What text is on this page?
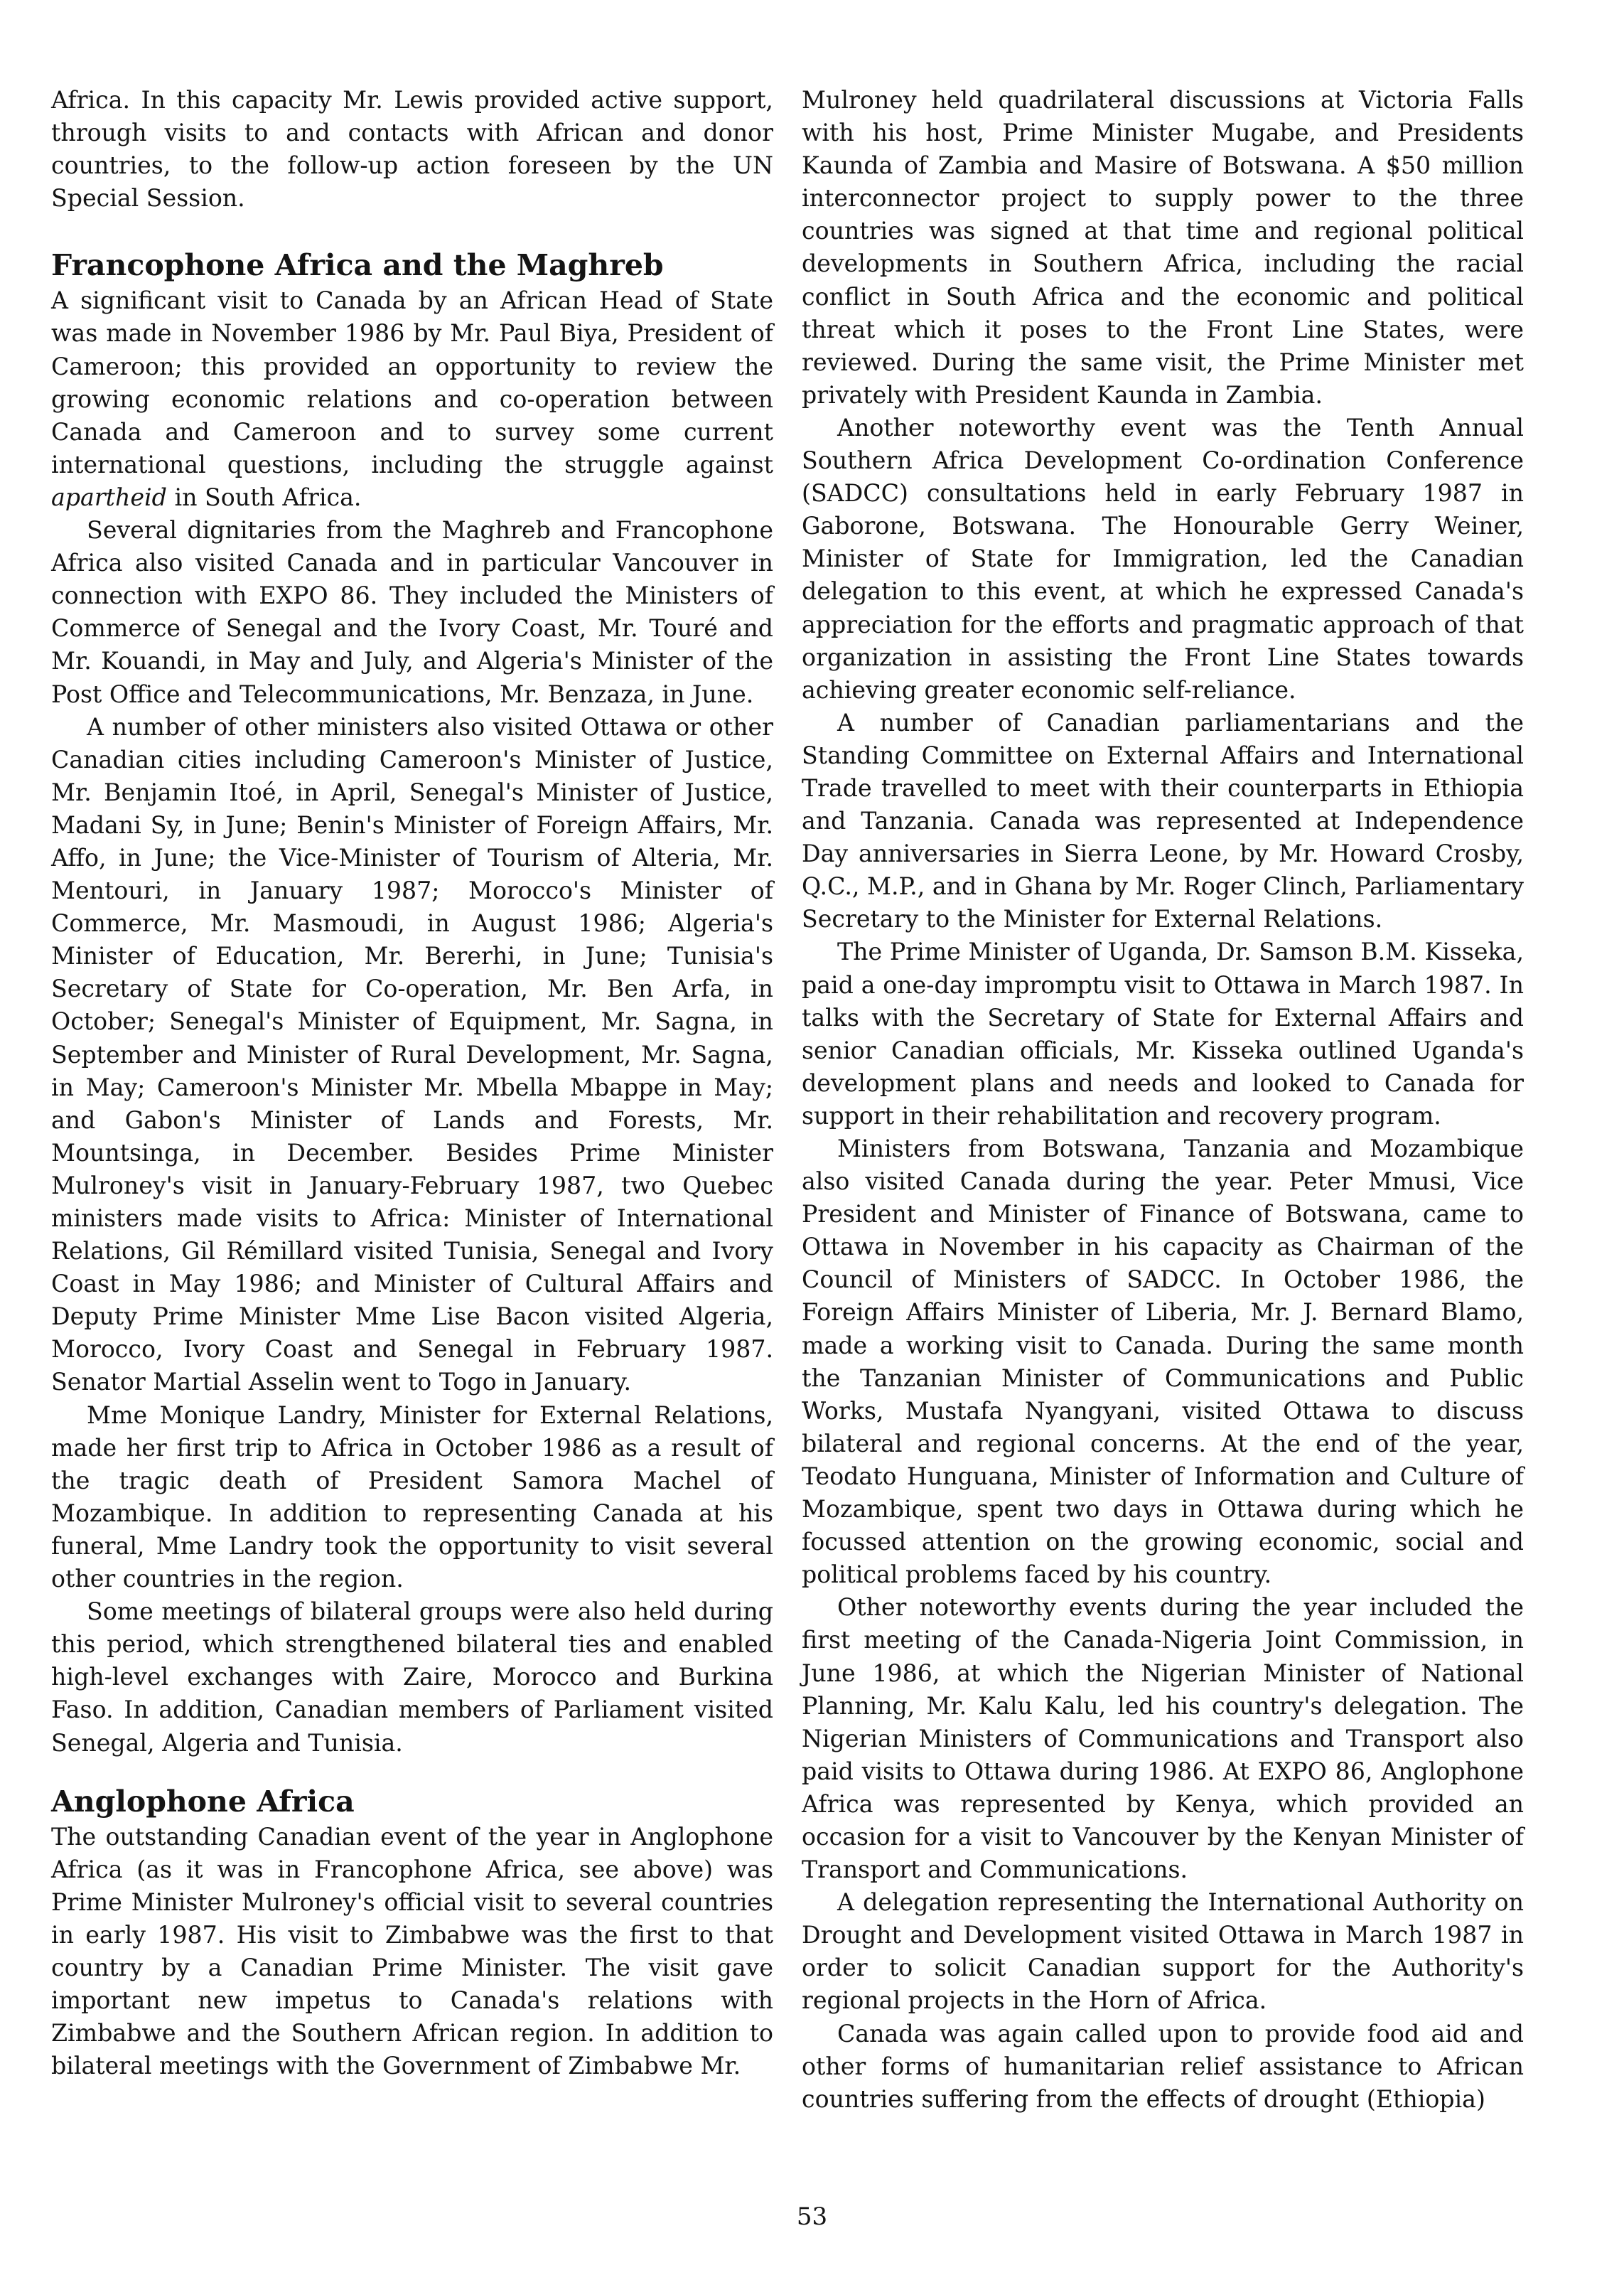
Africa. In this capacity Mr. Lewis provided active support, through visits to and contacts with African and donor countries, to the follow-up action foreseen by the UN Special Session.

Francophone Africa and the Maghreb

A significant visit to Canada by an African Head of State was made in November 1986 by Mr. Paul Biya, President of Cameroon; this provided an opportunity to review the growing economic relations and co-operation between Canada and Cameroon and to survey some current international questions, including the struggle against apartheid in South Africa.

Several dignitaries from the Maghreb and Francophone Africa also visited Canada and in particular Vancouver in connection with EXPO 86. They included the Ministers of Commerce of Senegal and the Ivory Coast, Mr. Touré and Mr. Kouandi, in May and July, and Algeria's Minister of the Post Office and Telecommunications, Mr. Benzaza, in June.

A number of other ministers also visited Ottawa or other Canadian cities including Cameroon's Minister of Justice, Mr. Benjamin Itoé, in April, Senegal's Minister of Justice, Madani Sy, in June; Benin's Minister of Foreign Affairs, Mr. Affo, in June; the Vice-Minister of Tourism of Alteria, Mr. Mentouri, in January 1987; Morocco's Minister of Commerce, Mr. Masmoudi, in August 1986; Algeria's Minister of Education, Mr. Bererhi, in June; Tunisia's Secretary of State for Co-operation, Mr. Ben Arfa, in October; Senegal's Minister of Equipment, Mr. Sagna, in September and Minister of Rural Development, Mr. Sagna, in May; Cameroon's Minister Mr. Mbella Mbappe in May; and Gabon's Minister of Lands and Forests, Mr. Mountsinga, in December. Besides Prime Minister Mulroney's visit in January-February 1987, two Quebec ministers made visits to Africa: Minister of International Relations, Gil Rémillard visited Tunisia, Senegal and Ivory Coast in May 1986; and Minister of Cultural Affairs and Deputy Prime Minister Mme Lise Bacon visited Algeria, Morocco, Ivory Coast and Senegal in February 1987. Senator Martial Asselin went to Togo in January.

Mme Monique Landry, Minister for External Relations, made her first trip to Africa in October 1986 as a result of the tragic death of President Samora Machel of Mozambique. In addition to representing Canada at his funeral, Mme Landry took the opportunity to visit several other countries in the region.

Some meetings of bilateral groups were also held during this period, which strengthened bilateral ties and enabled high-level exchanges with Zaire, Morocco and Burkina Faso. In addition, Canadian members of Parliament visited Senegal, Algeria and Tunisia.

Anglophone Africa

The outstanding Canadian event of the year in Anglophone Africa (as it was in Francophone Africa, see above) was Prime Minister Mulroney's official visit to several countries in early 1987. His visit to Zimbabwe was the first to that country by a Canadian Prime Minister. The visit gave important new impetus to Canada's relations with Zimbabwe and the Southern African region. In addition to bilateral meetings with the Government of Zimbabwe Mr.

Mulroney held quadrilateral discussions at Victoria Falls with his host, Prime Minister Mugabe, and Presidents Kaunda of Zambia and Masire of Botswana. A $50 million interconnector project to supply power to the three countries was signed at that time and regional political developments in Southern Africa, including the racial conflict in South Africa and the economic and political threat which it poses to the Front Line States, were reviewed. During the same visit, the Prime Minister met privately with President Kaunda in Zambia.

Another noteworthy event was the Tenth Annual Southern Africa Development Co-ordination Conference (SADCC) consultations held in early February 1987 in Gaborone, Botswana. The Honourable Gerry Weiner, Minister of State for Immigration, led the Canadian delegation to this event, at which he expressed Canada's appreciation for the efforts and pragmatic approach of that organization in assisting the Front Line States towards achieving greater economic self-reliance.

A number of Canadian parliamentarians and the Standing Committee on External Affairs and International Trade travelled to meet with their counterparts in Ethiopia and Tanzania. Canada was represented at Independence Day anniversaries in Sierra Leone, by Mr. Howard Crosby, Q.C., M.P., and in Ghana by Mr. Roger Clinch, Parliamentary Secretary to the Minister for External Relations.

The Prime Minister of Uganda, Dr. Samson B.M. Kisseka, paid a one-day impromptu visit to Ottawa in March 1987. In talks with the Secretary of State for External Affairs and senior Canadian officials, Mr. Kisseka outlined Uganda's development plans and needs and looked to Canada for support in their rehabilitation and recovery program.

Ministers from Botswana, Tanzania and Mozambique also visited Canada during the year. Peter Mmusi, Vice President and Minister of Finance of Botswana, came to Ottawa in November in his capacity as Chairman of the Council of Ministers of SADCC. In October 1986, the Foreign Affairs Minister of Liberia, Mr. J. Bernard Blamo, made a working visit to Canada. During the same month the Tanzanian Minister of Communications and Public Works, Mustafa Nyangyani, visited Ottawa to discuss bilateral and regional concerns. At the end of the year, Teodato Hunguana, Minister of Information and Culture of Mozambique, spent two days in Ottawa during which he focussed attention on the growing economic, social and political problems faced by his country.

Other noteworthy events during the year included the first meeting of the Canada-Nigeria Joint Commission, in June 1986, at which the Nigerian Minister of National Planning, Mr. Kalu Kalu, led his country's delegation. The Nigerian Ministers of Communications and Transport also paid visits to Ottawa during 1986. At EXPO 86, Anglophone Africa was represented by Kenya, which provided an occasion for a visit to Vancouver by the Kenyan Minister of Transport and Communications.

A delegation representing the International Authority on Drought and Development visited Ottawa in March 1987 in order to solicit Canadian support for the Authority's regional projects in the Horn of Africa.

Canada was again called upon to provide food aid and other forms of humanitarian relief assistance to African countries suffering from the effects of drought (Ethiopia)

53
